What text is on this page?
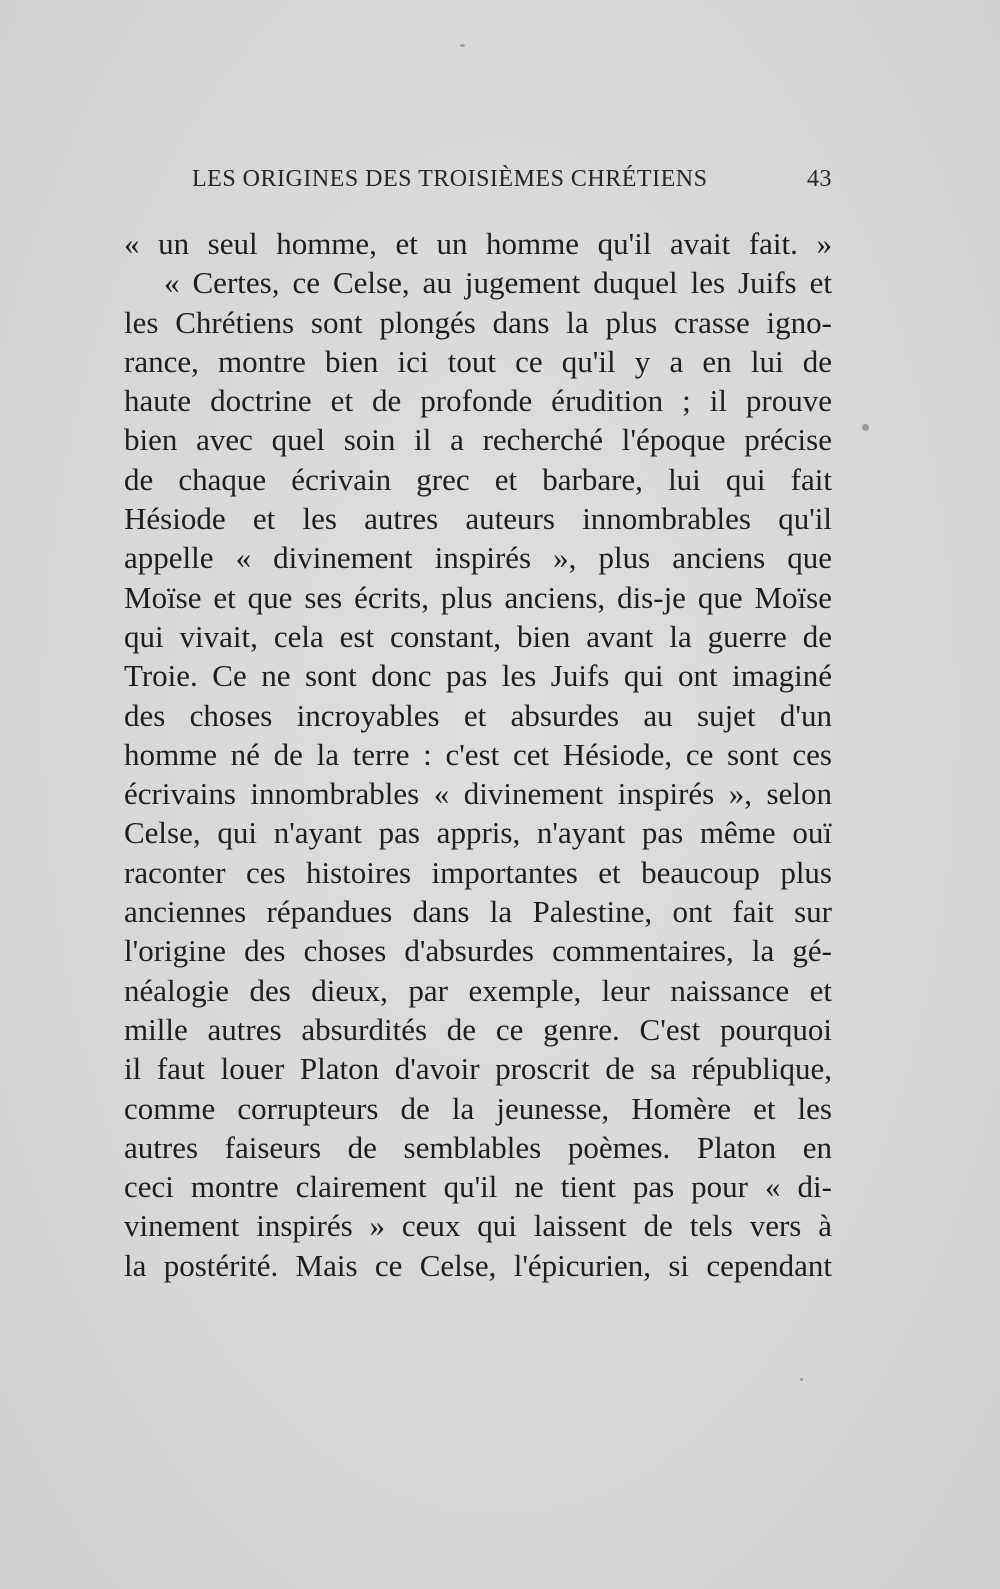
LES ORIGINES DES TROISIÈMES CHRÉTIENS	43
« un seul homme, et un homme qu'il avait fait. »
« Certes, ce Celse, au jugement duquel les Juifs et
les Chrétiens sont plongés dans la plus crasse igno-
rance, montre bien ici tout ce qu'il y a en lui de
haute doctrine et de profonde érudition ; il prouve
bien avec quel soin il a recherché l'époque précise
de chaque écrivain grec et barbare, lui qui fait
Hésiode et les autres auteurs innombrables qu'il
appelle « divinement inspirés », plus anciens que
Moïse et que ses écrits, plus anciens, dis-je que Moïse
qui vivait, cela est constant, bien avant la guerre de
Troie. Ce ne sont donc pas les Juifs qui ont imaginé
des choses incroyables et absurdes au sujet d'un
homme né de la terre : c'est cet Hésiode, ce sont ces
écrivains innombrables « divinement inspirés », selon
Celse, qui n'ayant pas appris, n'ayant pas même ouï
raconter ces histoires importantes et beaucoup plus
anciennes répandues dans la Palestine, ont fait sur
l'origine des choses d'absurdes commentaires, la gé-
néalogie des dieux, par exemple, leur naissance et
mille autres absurdités de ce genre. C'est pourquoi
il faut louer Platon d'avoir proscrit de sa république,
comme corrupteurs de la jeunesse, Homère et les
autres faiseurs de semblables poèmes. Platon en
ceci montre clairement qu'il ne tient pas pour « di-
vinement inspirés » ceux qui laissent de tels vers à
la postérité. Mais ce Celse, l'épicurien, si cependant
